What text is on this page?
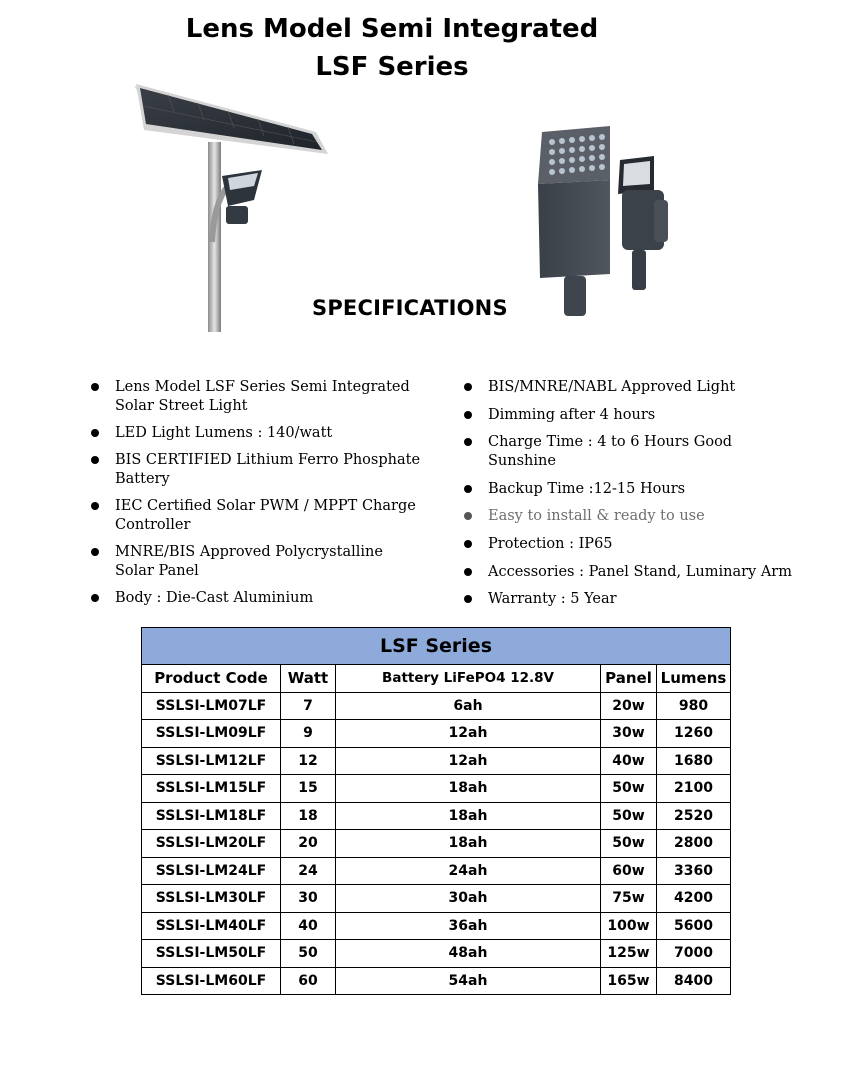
Lens Model Semi Integrated
LSF Series
SPECIFICATIONS
Lens Model LSF Series Semi Integrated Solar Street Light
LED Light Lumens : 140/watt
BIS CERTIFIED Lithium Ferro Phosphate Battery
IEC Certified Solar PWM / MPPT Charge Controller
MNRE/BIS Approved Polycrystalline Solar Panel
Body : Die-Cast Aluminium
BIS/MNRE/NABL Approved Light
Dimming after 4 hours
Charge Time : 4 to 6 Hours Good Sunshine
Backup Time :12-15 Hours
Easy to install & ready to use
Protection : IP65
Accessories : Panel Stand, Luminary Arm
Warranty : 5 Year
LSF Series				
Product Code	Watt	Battery LiFePO4 12.8V	Panel	Lumens
SSLSI-LM07LF	7	6ah	20w	980
SSLSI-LM09LF	9	12ah	30w	1260
SSLSI-LM12LF	12	12ah	40w	1680
SSLSI-LM15LF	15	18ah	50w	2100
SSLSI-LM18LF	18	18ah	50w	2520
SSLSI-LM20LF	20	18ah	50w	2800
SSLSI-LM24LF	24	24ah	60w	3360
SSLSI-LM30LF	30	30ah	75w	4200
SSLSI-LM40LF	40	36ah	100w	5600
SSLSI-LM50LF	50	48ah	125w	7000
SSLSI-LM60LF	60	54ah	165w	8400
